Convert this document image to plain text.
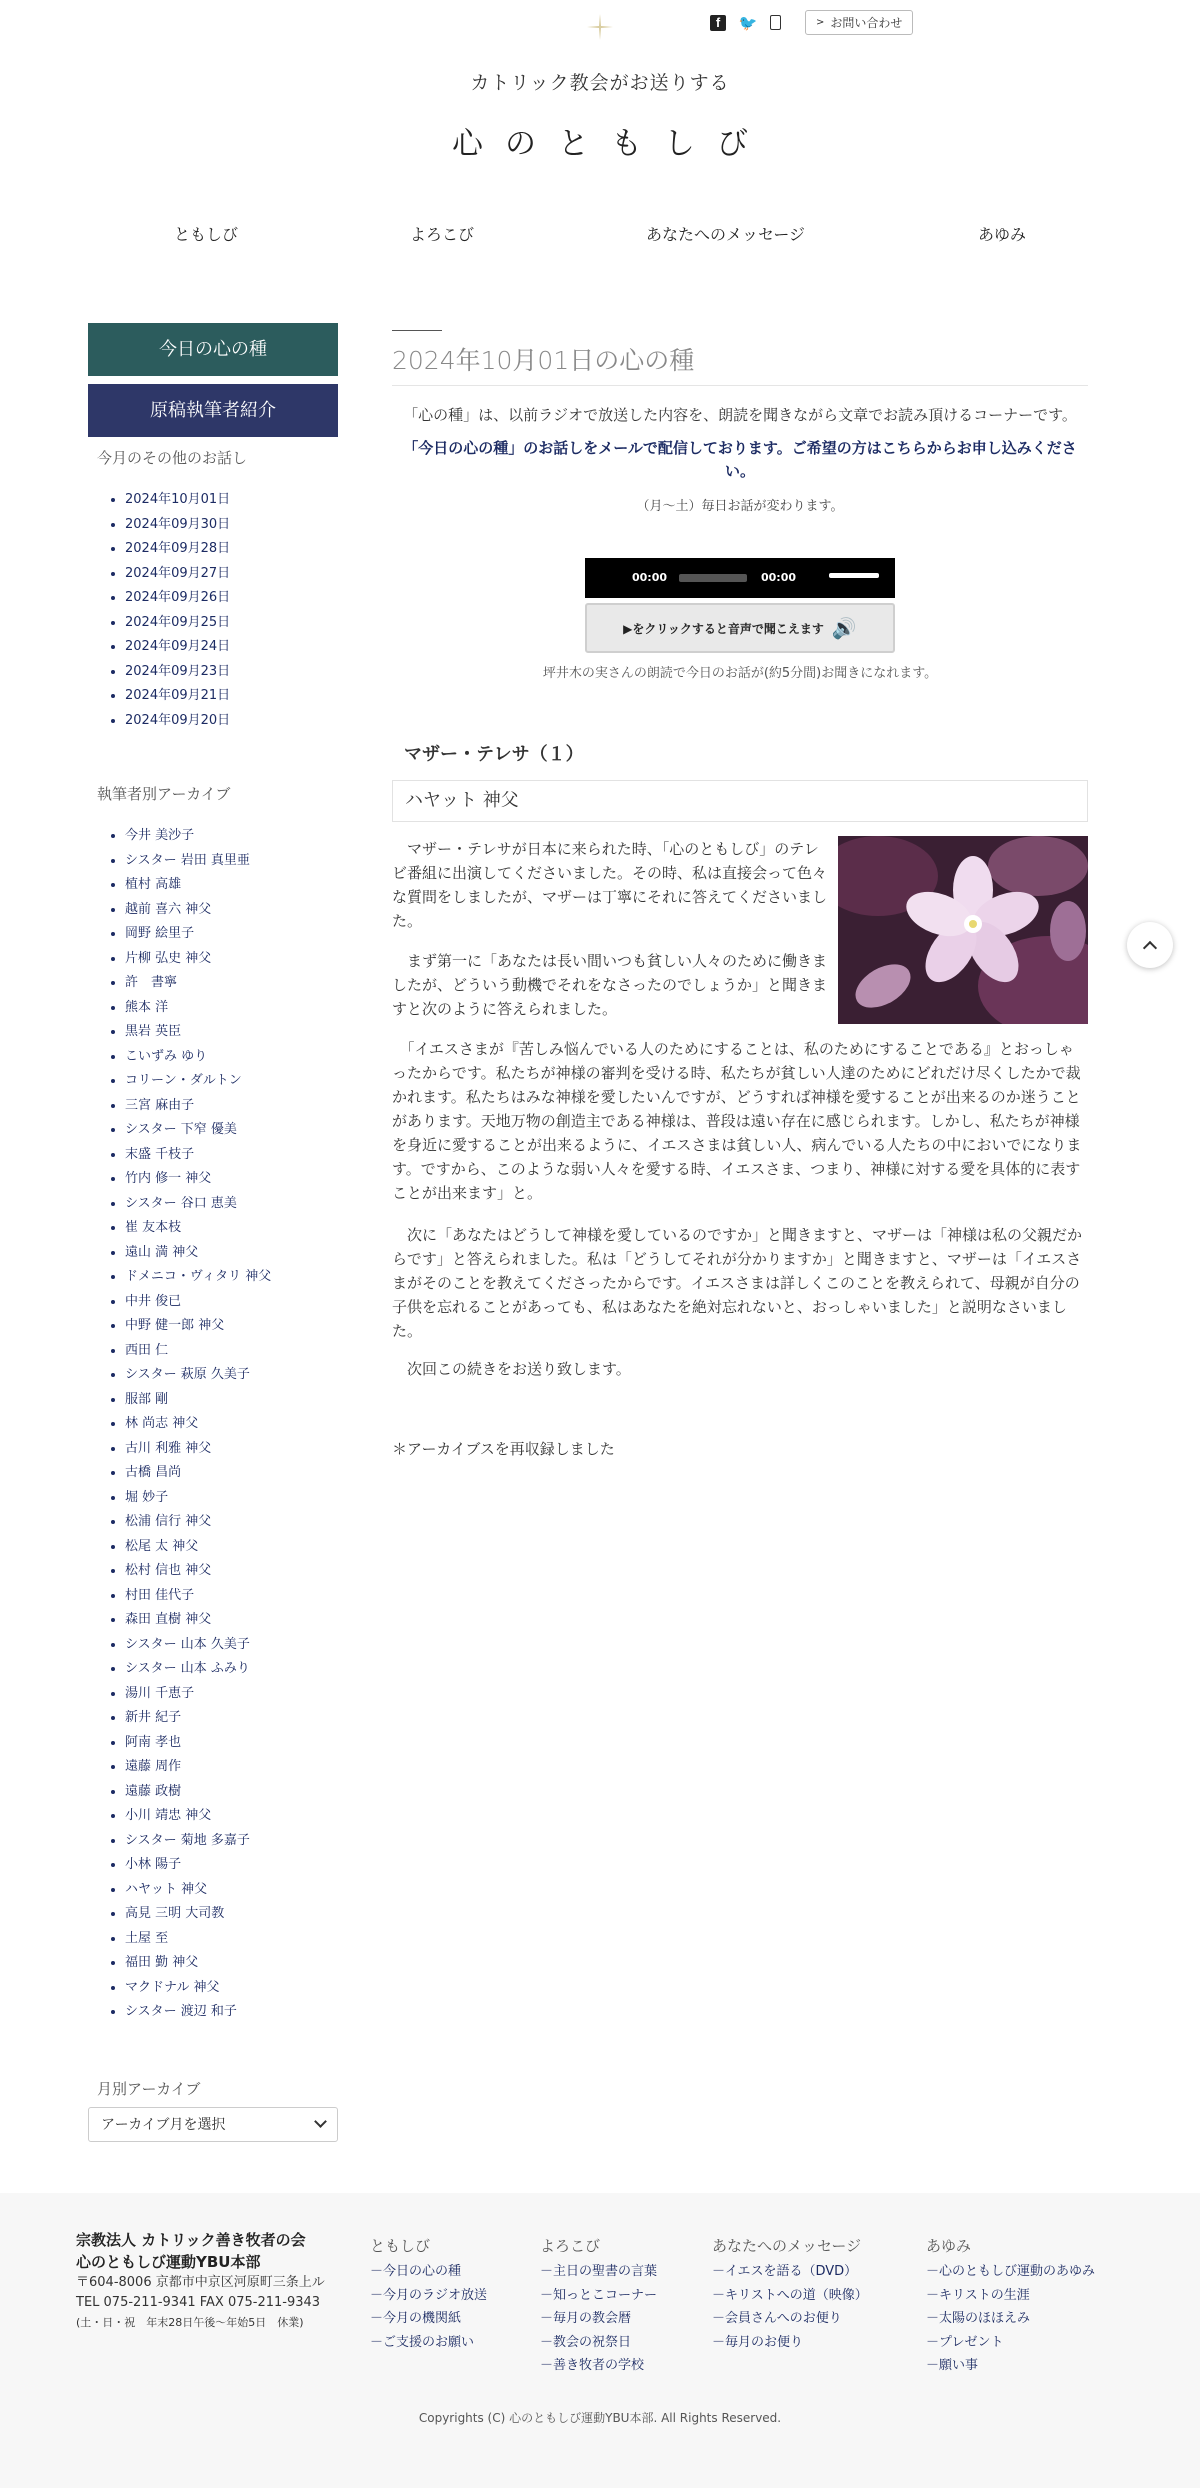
f	🐦	> お問い合わせ
カトリック教会がお送りする
心のともしび
ともしび	よろこび	あなたへのメッセージ	あゆみ
今日の心の種
原稿執筆者紹介
今月のその他のお話し
• 2024年10月01日
• 2024年09月30日
• 2024年09月28日
• 2024年09月27日
• 2024年09月26日
• 2024年09月25日
• 2024年09月24日
• 2024年09月23日
• 2024年09月21日
• 2024年09月20日
執筆者別アーカイブ
• 今井 美沙子
• シスター 岩田 真里亜
• 植村 高雄
• 越前 喜六 神父
• 岡野 絵里子
• 片柳 弘史 神父
• 許　書寧
• 熊本 洋
• 黒岩 英臣
• こいずみ ゆり
• コリーン・ダルトン
• 三宮 麻由子
• シスター 下窄 優美
• 末盛 千枝子
• 竹内 修一 神父
• シスター 谷口 恵美
• 崔 友本枝
• 遠山 満 神父
• ドメニコ・ヴィタリ 神父
• 中井 俊已
• 中野 健一郎 神父
• 西田 仁
• シスター 萩原 久美子
• 服部 剛
• 林 尚志 神父
• 古川 利雅 神父
• 古橋 昌尚
• 堀 妙子
• 松浦 信行 神父
• 松尾 太 神父
• 松村 信也 神父
• 村田 佳代子
• 森田 直樹 神父
• シスター 山本 久美子
• シスター 山本 ふみり
• 湯川 千恵子
• 新井 紀子
• 阿南 孝也
• 遠藤 周作
• 遠藤 政樹
• 小川 靖忠 神父
• シスター 菊地 多嘉子
• 小林 陽子
• ハヤット 神父
• 高見 三明 大司教
• 土屋 至
• 福田 勤 神父
• マクドナル 神父
• シスター 渡辺 和子
月別アーカイブ
アーカイブ月を選択
2024年10月01日の心の種

「心の種」は、以前ラジオで放送した内容を、朗読を聞きながら文章でお読み頂けるコーナーです。

「今日の心の種」のお話しをメールで配信しております。ご希望の方はこちらからお申し込みください。

（月〜土）毎日お話が変わります。

00:00	00:00
▶をクリックすると音声で聞こえます 🔊

坪井木の実さんの朗読で今日のお話が(約5分間)お聞きになれます。

マザー・テレサ（１）
ハヤット 神父

　マザー・テレサが日本に来られた時、「心のともしび」のテレビ番組に出演してくださいました。その時、私は直接会って色々な質問をしましたが、マザーは丁寧にそれに答えてくださいました。

　まず第一に「あなたは長い間いつも貧しい人々のために働きましたが、どういう動機でそれをなさったのでしょうか」と聞きますと次のように答えられました。

　「イエスさまが『苦しみ悩んでいる人のためにすることは、私のためにすることである』とおっしゃったからです。私たちが神様の審判を受ける時、私たちが貧しい人達のためにどれだけ尽くしたかで裁かれます。私たちはみな神様を愛したいんですが、どうすれば神様を愛することが出来るのか迷うことがあります。天地万物の創造主である神様は、普段は遠い存在に感じられます。しかし、私たちが神様を身近に愛することが出来るように、イエスさまは貧しい人、病んでいる人たちの中においでになります。ですから、このような弱い人々を愛する時、イエスさま、つまり、神様に対する愛を具体的に表すことが出来ます」と。

　次に「あなたはどうして神様を愛しているのですか」と聞きますと、マザーは「神様は私の父親だからです」と答えられました。私は「どうしてそれが分かりますか」と聞きますと、マザーは「イエスさまがそのことを教えてくださったからです。イエスさまは詳しくこのことを教えられて、母親が自分の子供を忘れることがあっても、私はあなたを絶対忘れないと、おっしゃいました」と説明なさいました。

　次回この続きをお送り致します。

＊アーカイブスを再収録しました

宗教法人 カトリック善き牧者の会
心のともしび運動YBU本部
〒604-8006 京都市中京区河原町三条上ル
TEL 075-211-9341 FAX 075-211-9343
(土・日・祝　年末28日午後〜年始5日　休業)
ともしび
－今日の心の種
－今月のラジオ放送
－今月の機関紙
－ご支援のお願い
よろこび
－主日の聖書の言葉
－知っとこコーナー
－毎月の教会暦
－教会の祝祭日
－善き牧者の学校
あなたへのメッセージ
－イエスを語る（DVD）
－キリストへの道（映像）
－会員さんへのお便り
－毎月のお便り
あゆみ
－心のともしび運動のあゆみ
－キリストの生涯
－太陽のほほえみ
－プレゼント
－願い事
Copyrights (C) 心のともしび運動YBU本部. All Rights Reserved.
